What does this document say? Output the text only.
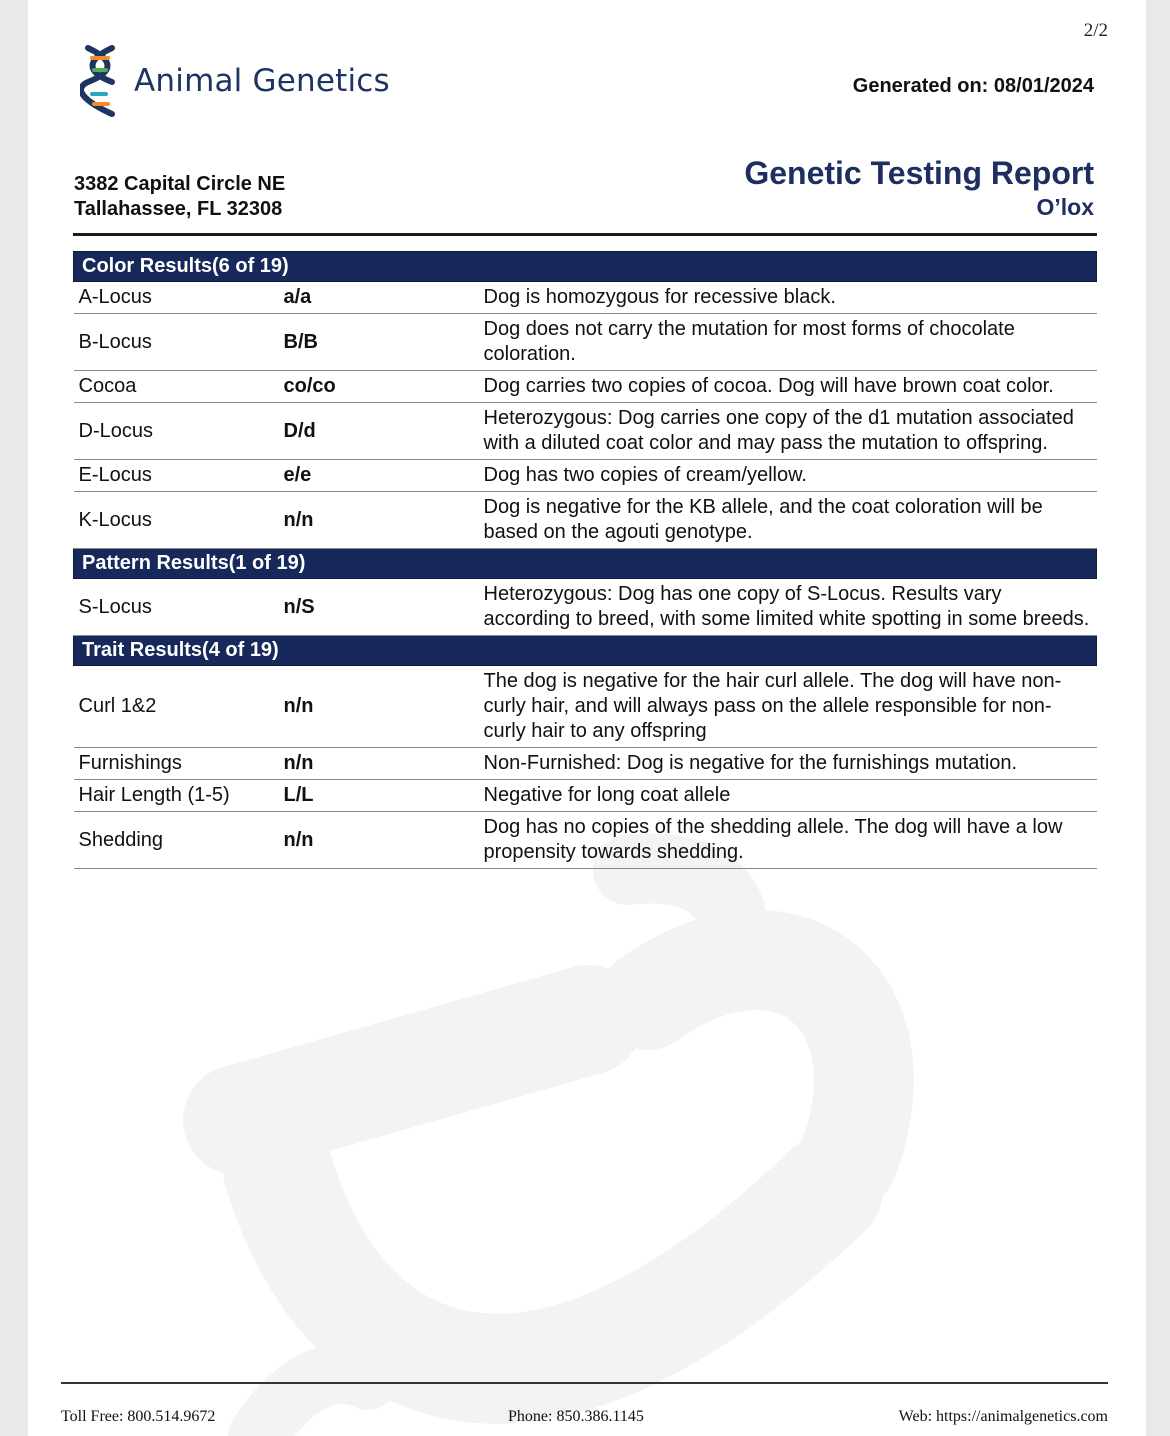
2/2
Animal Genetics	Generated on: 08/01/2024
3382 Capital Circle NE
Tallahassee, FL 32308
Genetic Testing Report
O’lox
Color Results(6 of 19)		
A-Locus	a/a	Dog is homozygous for recessive black.
B-Locus	B/B	Dog does not carry the mutation for most forms of chocolate coloration.
Cocoa	co/co	Dog carries two copies of cocoa. Dog will have brown coat color.
D-Locus	D/d	Heterozygous: Dog carries one copy of the d1 mutation associated with a diluted coat color and may pass the mutation to offspring.
E-Locus	e/e	Dog has two copies of cream/yellow.
K-Locus	n/n	Dog is negative for the KB allele, and the coat coloration will be based on the agouti genotype.
Pattern Results(1 of 19)		
S-Locus	n/S	Heterozygous: Dog has one copy of S-Locus. Results vary according to breed, with some limited white spotting in some breeds.
Trait Results(4 of 19)		
Curl 1&2	n/n	The dog is negative for the hair curl allele. The dog will have non-curly hair, and will always pass on the allele responsible for non-curly hair to any offspring
Furnishings	n/n	Non-Furnished: Dog is negative for the furnishings mutation.
Hair Length (1-5)	L/L	Negative for long coat allele
Shedding	n/n	Dog has no copies of the shedding allele. The dog will have a low propensity towards shedding.
Toll Free: 800.514.9672	Phone: 850.386.1145	Web: https://animalgenetics.com
